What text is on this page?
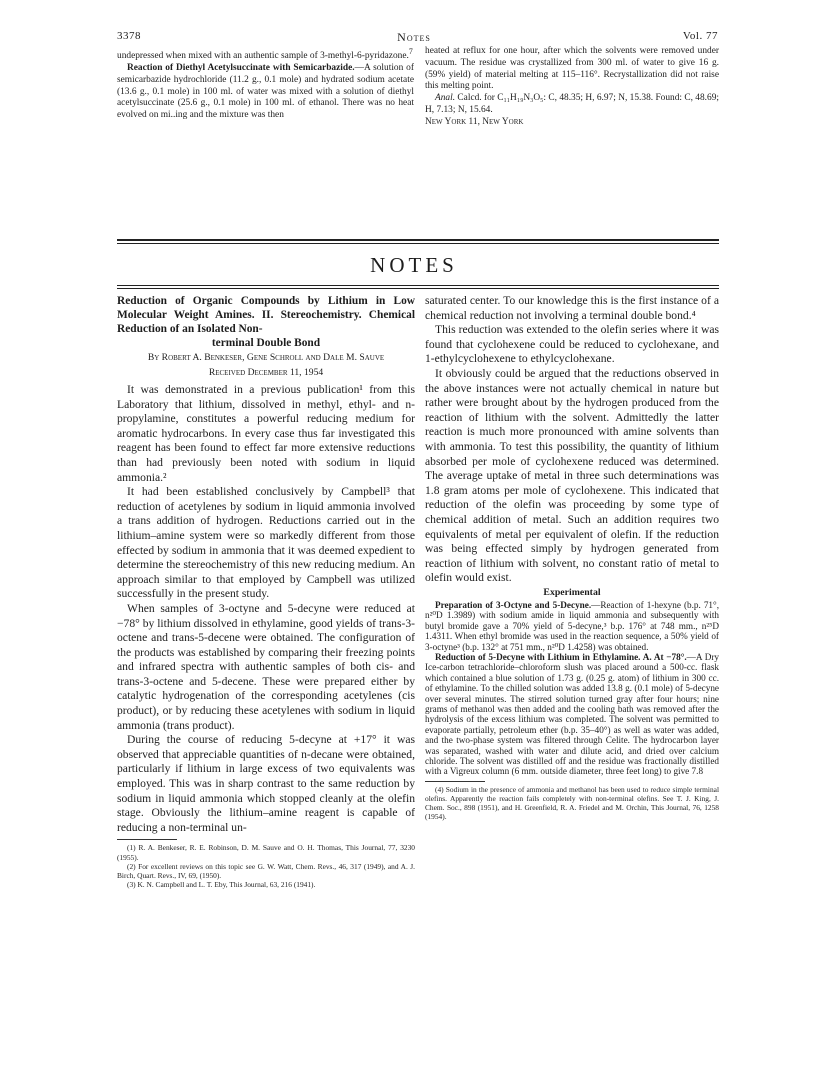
3378	Notes	Vol. 77

undepressed when mixed with an authentic sample of 3-methyl-6-pyridazone.$^7$

Reaction of Diethyl Acetylsuccinate with Semicarbazide.—A solution of semicarbazide hydrochloride (11.2 g., 0.1 mole) and hydrated sodium acetate (13.6 g., 0.1 mole) in 100 ml. of water was mixed with a solution of diethyl acetylsuccinate (25.6 g., 0.1 mole) in 100 ml. of ethanol. There was no heat evolved on mi..ing and the mixture was then

heated at reflux for one hour, after which the solvents were removed under vacuum. The residue was crystallized from 300 ml. of water to give 16 g. (59% yield) of material melting at 115–116°. Recrystallization did not raise this melting point.

Anal. Calcd. for C₁₁H₁₉N₃O₅: C, 48.35; H, 6.97; N, 15.38. Found: C, 48.69; H, 7.13; N, 15.64.

New York 11, New York

NOTES

Reduction of Organic Compounds by Lithium in Low Molecular Weight Amines. II. Stereochemistry. Chemical Reduction of an Isolated Non-
terminal Double Bond

By Robert A. Benkeser, Gene Schroll and Dale M. Sauve
Received December 11, 1954

It was demonstrated in a previous publication¹ from this Laboratory that lithium, dissolved in methyl, ethyl- and n-propylamine, constitutes a powerful reducing medium for aromatic hydrocarbons. In every case thus far investigated this reagent has been found to effect far more extensive reductions than had previously been noted with sodium in liquid ammonia.²

It had been established conclusively by Campbell³ that reduction of acetylenes by sodium in liquid ammonia involved a trans addition of hydrogen. Reductions carried out in the lithium–amine system were so markedly different from those effected by sodium in ammonia that it was deemed expedient to determine the stereochemistry of this new reducing medium. An approach similar to that employed by Campbell was utilized successfully in the present study.

When samples of 3-octyne and 5-decyne were reduced at −78° by lithium dissolved in ethylamine, good yields of trans-3-octene and trans-5-decene were obtained. The configuration of the products was established by comparing their freezing points and infrared spectra with authentic samples of both cis- and trans-3-octene and 5-decene. These were prepared either by catalytic hydrogenation of the corresponding acetylenes (cis product), or by reducing these acetylenes with sodium in liquid ammonia (trans product).

During the course of reducing 5-decyne at +17° it was observed that appreciable quantities of n-decane were obtained, particularly if lithium in large excess of two equivalents was employed. This was in sharp contrast to the same reduction by sodium in liquid ammonia which stopped cleanly at the olefin stage. Obviously the lithium–amine reagent is capable of reducing a non-terminal un-

(1) R. A. Benkeser, R. E. Robinson, D. M. Sauve and O. H. Thomas, This Journal, 77, 3230 (1955).

(2) For excellent reviews on this topic see G. W. Watt, Chem. Revs., 46, 317 (1949), and A. J. Birch, Quart. Revs., IV, 69, (1950).

(3) K. N. Campbell and L. T. Eby, This Journal, 63, 216 (1941).

saturated center. To our knowledge this is the first instance of a chemical reduction not involving a terminal double bond.⁴

This reduction was extended to the olefin series where it was found that cyclohexene could be reduced to cyclohexane, and 1-ethylcyclohexene to ethylcyclohexane.

It obviously could be argued that the reductions observed in the above instances were not actually chemical in nature but rather were brought about by the hydrogen produced from the reaction of lithium with the solvent. Admittedly the latter reaction is much more pronounced with amine solvents than with ammonia. To test this possibility, the quantity of lithium absorbed per mole of cyclohexene reduced was determined. The average uptake of metal in three such determinations was 1.8 gram atoms per mole of cyclohexene. This indicated that reduction of the olefin was proceeding by some type of chemical addition of metal. Such an addition requires two equivalents of metal per equivalent of olefin. If the reduction was being effected simply by hydrogen generated from reaction of lithium with solvent, no constant ratio of metal to olefin would exist.

Experimental

Preparation of 3-Octyne and 5-Decyne.—Reaction of 1-hexyne (b.p. 71°, n²⁰D 1.3989) with sodium amide in liquid ammonia and subsequently with butyl bromide gave a 70% yield of 5-decyne,³ b.p. 176° at 748 mm., n²⁵D 1.4311. When ethyl bromide was used in the reaction sequence, a 50% yield of 3-octyne³ (b.p. 132° at 751 mm., n²⁰D 1.4258) was obtained.

Reduction of 5-Decyne with Lithium in Ethylamine. A. At −78°.—A Dry Ice-carbon tetrachloride–chloroform slush was placed around a 500-cc. flask which contained a blue solution of 1.73 g. (0.25 g. atom) of lithium in 300 cc. of ethylamine. To the chilled solution was added 13.8 g. (0.1 mole) of 5-decyne over several minutes. The stirred solution turned gray after four hours; nine grams of methanol was then added and the cooling bath was removed after the hydrolysis of the excess lithium was completed. The solvent was permitted to evaporate partially, petroleum ether (b.p. 35–40°) as well as water was added, and the two-phase system was filtered through Celite. The hydrocarbon layer was separated, washed with water and dilute acid, and dried over calcium chloride. The solvent was distilled off and the residue was fractionally distilled with a Vigreux column (6 mm. outside diameter, three feet long) to give 7.8

(4) Sodium in the presence of ammonia and methanol has been used to reduce simple terminal olefins. Apparently the reaction fails completely with non-terminal olefins. See T. J. King, J. Chem. Soc., 898 (1951), and H. Greenfield, R. A. Friedel and M. Orchin, This Journal, 76, 1258 (1954).
